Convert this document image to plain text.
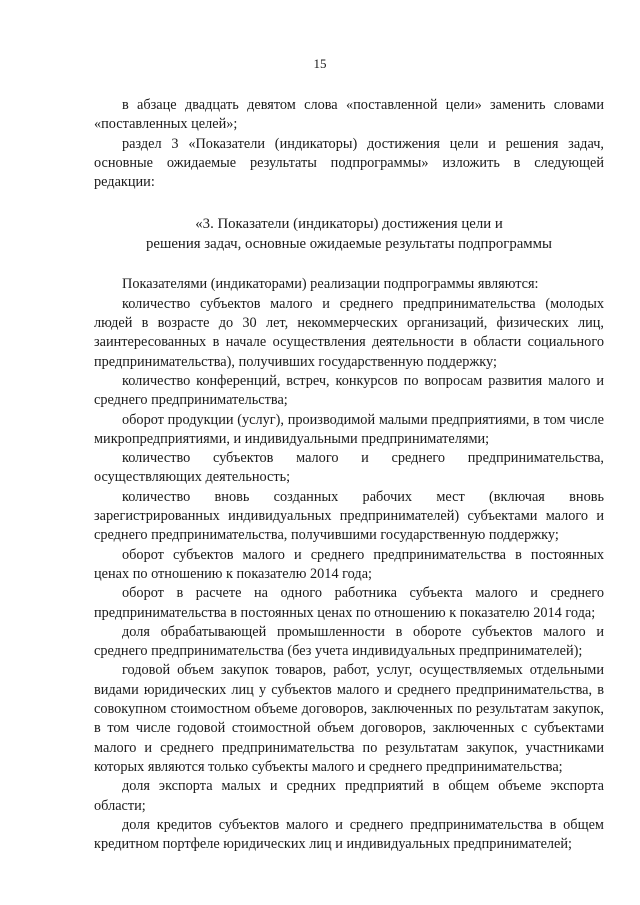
15

в абзаце двадцать девятом слова «поставленной цели» заменить словами «поставленных целей»;

раздел 3 «Показатели (индикаторы) достижения цели и решения задач, основные ожидаемые результаты подпрограммы» изложить в следующей редакции:

«3. Показатели (индикаторы) достижения цели и
решения задач, основные ожидаемые результаты подпрограммы

Показателями (индикаторами) реализации подпрограммы являются:

количество субъектов малого и среднего предпринимательства (молодых людей в возрасте до 30 лет, некоммерческих организаций, физических лиц, заинтересованных в начале осуществления деятельности в области социального предпринимательства), получивших государственную поддержку;

количество конференций, встреч, конкурсов по вопросам развития малого и среднего предпринимательства;

оборот продукции (услуг), производимой малыми предприятиями, в том числе микропредприятиями, и индивидуальными предпринимателями;

количество субъектов малого и среднего предпринимательства, осуществляющих деятельность;

количество вновь созданных рабочих мест (включая вновь зарегистрированных индивидуальных предпринимателей) субъектами малого и среднего предпринимательства, получившими государственную поддержку;

оборот субъектов малого и среднего предпринимательства в постоянных ценах по отношению к показателю 2014 года;

оборот в расчете на одного работника субъекта малого и среднего предпринимательства в постоянных ценах по отношению к показателю 2014 года;

доля обрабатывающей промышленности в обороте субъектов малого и среднего предпринимательства (без учета индивидуальных предпринимателей);

годовой объем закупок товаров, работ, услуг, осуществляемых отдельными видами юридических лиц у субъектов малого и среднего предпринимательства, в совокупном стоимостном объеме договоров, заключенных по результатам закупок, в том числе годовой стоимостной объем договоров, заключенных с субъектами малого и среднего предпринимательства по результатам закупок, участниками которых являются только субъекты малого и среднего предпринимательства;

доля экспорта малых и средних предприятий в общем объеме экспорта области;

доля кредитов субъектов малого и среднего предпринимательства в общем кредитном портфеле юридических лиц и индивидуальных предпринимателей;
